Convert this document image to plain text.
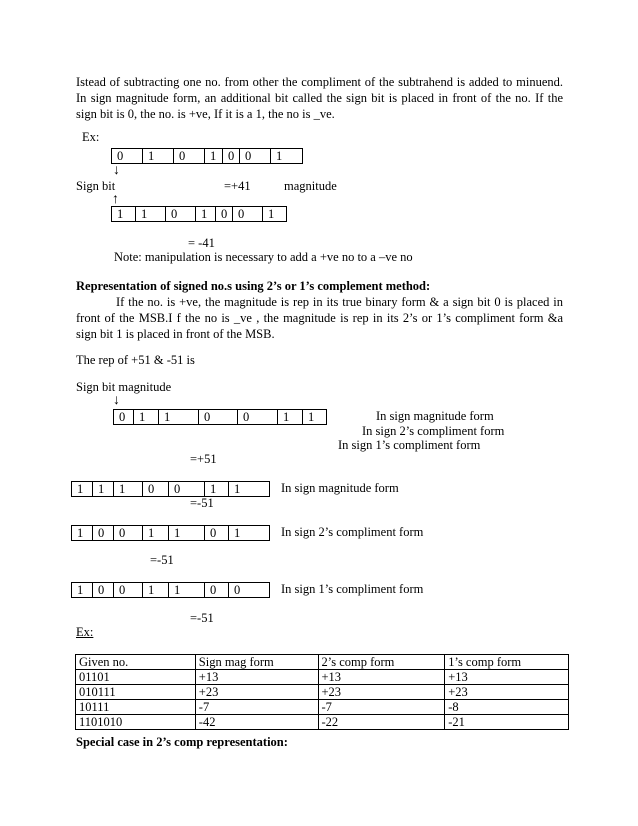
Istead of subtracting one no. from other the compliment of the subtrahend is added to minuend. In sign magnitude form, an additional bit called the sign bit is placed in front of the no. If the sign bit is 0, the no. is +ve, If it is a 1, the no is _ve.
Ex:
0	1	0	1 0 0	1
↓
Sign bit	=+41	magnitude
↑
1	1	0	1	0 0	1
= -41
Note: manipulation is necessary to add a +ve no to a –ve no
Representation of signed no.s using 2’s or 1’s complement method:
If the no. is +ve, the magnitude is rep in its true binary form & a sign bit 0 is placed in front of the MSB.I f the no is _ve , the magnitude is rep in its 2’s or 1’s compliment form &a sign bit 1 is placed in front of the MSB.
The rep of +51 & -51 is
Sign bit magnitude
↓
0	1	1	0	0	1	1	In sign magnitude form
In sign 2’s compliment form
In sign 1’s compliment form
=+51
1	1	1	0	0	1	1	In sign magnitude form
=-51
1	0	0	1	1	0	1	In sign 2’s compliment form
=-51
1	0	0	1	1	0	0	In sign 1’s compliment form
=-51
Ex:
Given no.	Sign mag form	2’s comp form	1’s comp form
01101	+13	+13	+13
010111	+23	+23	+23
10111	-7	-7	-8
1101010	-42	-22	-21
Special case in 2’s comp representation:
